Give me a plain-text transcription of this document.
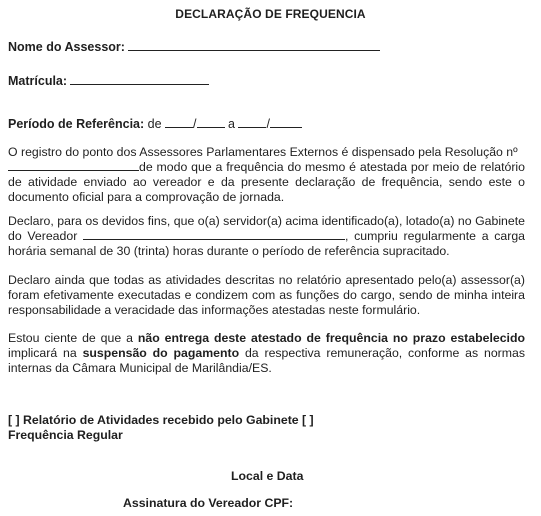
DECLARAÇÃO DE FREQUENCIA
Nome do Assessor:
Matrícula:
Período de Referência: de	/	a	/

O registro do ponto dos Assessores Parlamentares Externos é dispensado pela Resolução nº
de modo que a frequência do mesmo é atestada por meio de relatório de atividade enviado ao vereador e da presente declaração de frequência, sendo este o documento oficial para a comprovação de jornada.

Declaro, para os devidos fins, que o(a) servidor(a) acima identificado(a), lotado(a) no Gabinete do Vereador	, cumpriu regularmente a carga horária semanal de 30 (trinta) horas durante o período de referência supracitado.

Declaro ainda que todas as atividades descritas no relatório apresentado pelo(a) assessor(a) foram efetivamente executadas e condizem com as funções do cargo, sendo de minha inteira responsabilidade a veracidade das informações atestadas neste formulário.

Estou ciente de que a não entrega deste atestado de frequência no prazo estabelecido implicará na suspensão do pagamento da respectiva remuneração, conforme as normas internas da Câmara Municipal de Marilândia/ES.

[ ] Relatório de Atividades recebido pelo Gabinete [ ]
Frequência Regular
Local e Data
Assinatura do Vereador CPF:
